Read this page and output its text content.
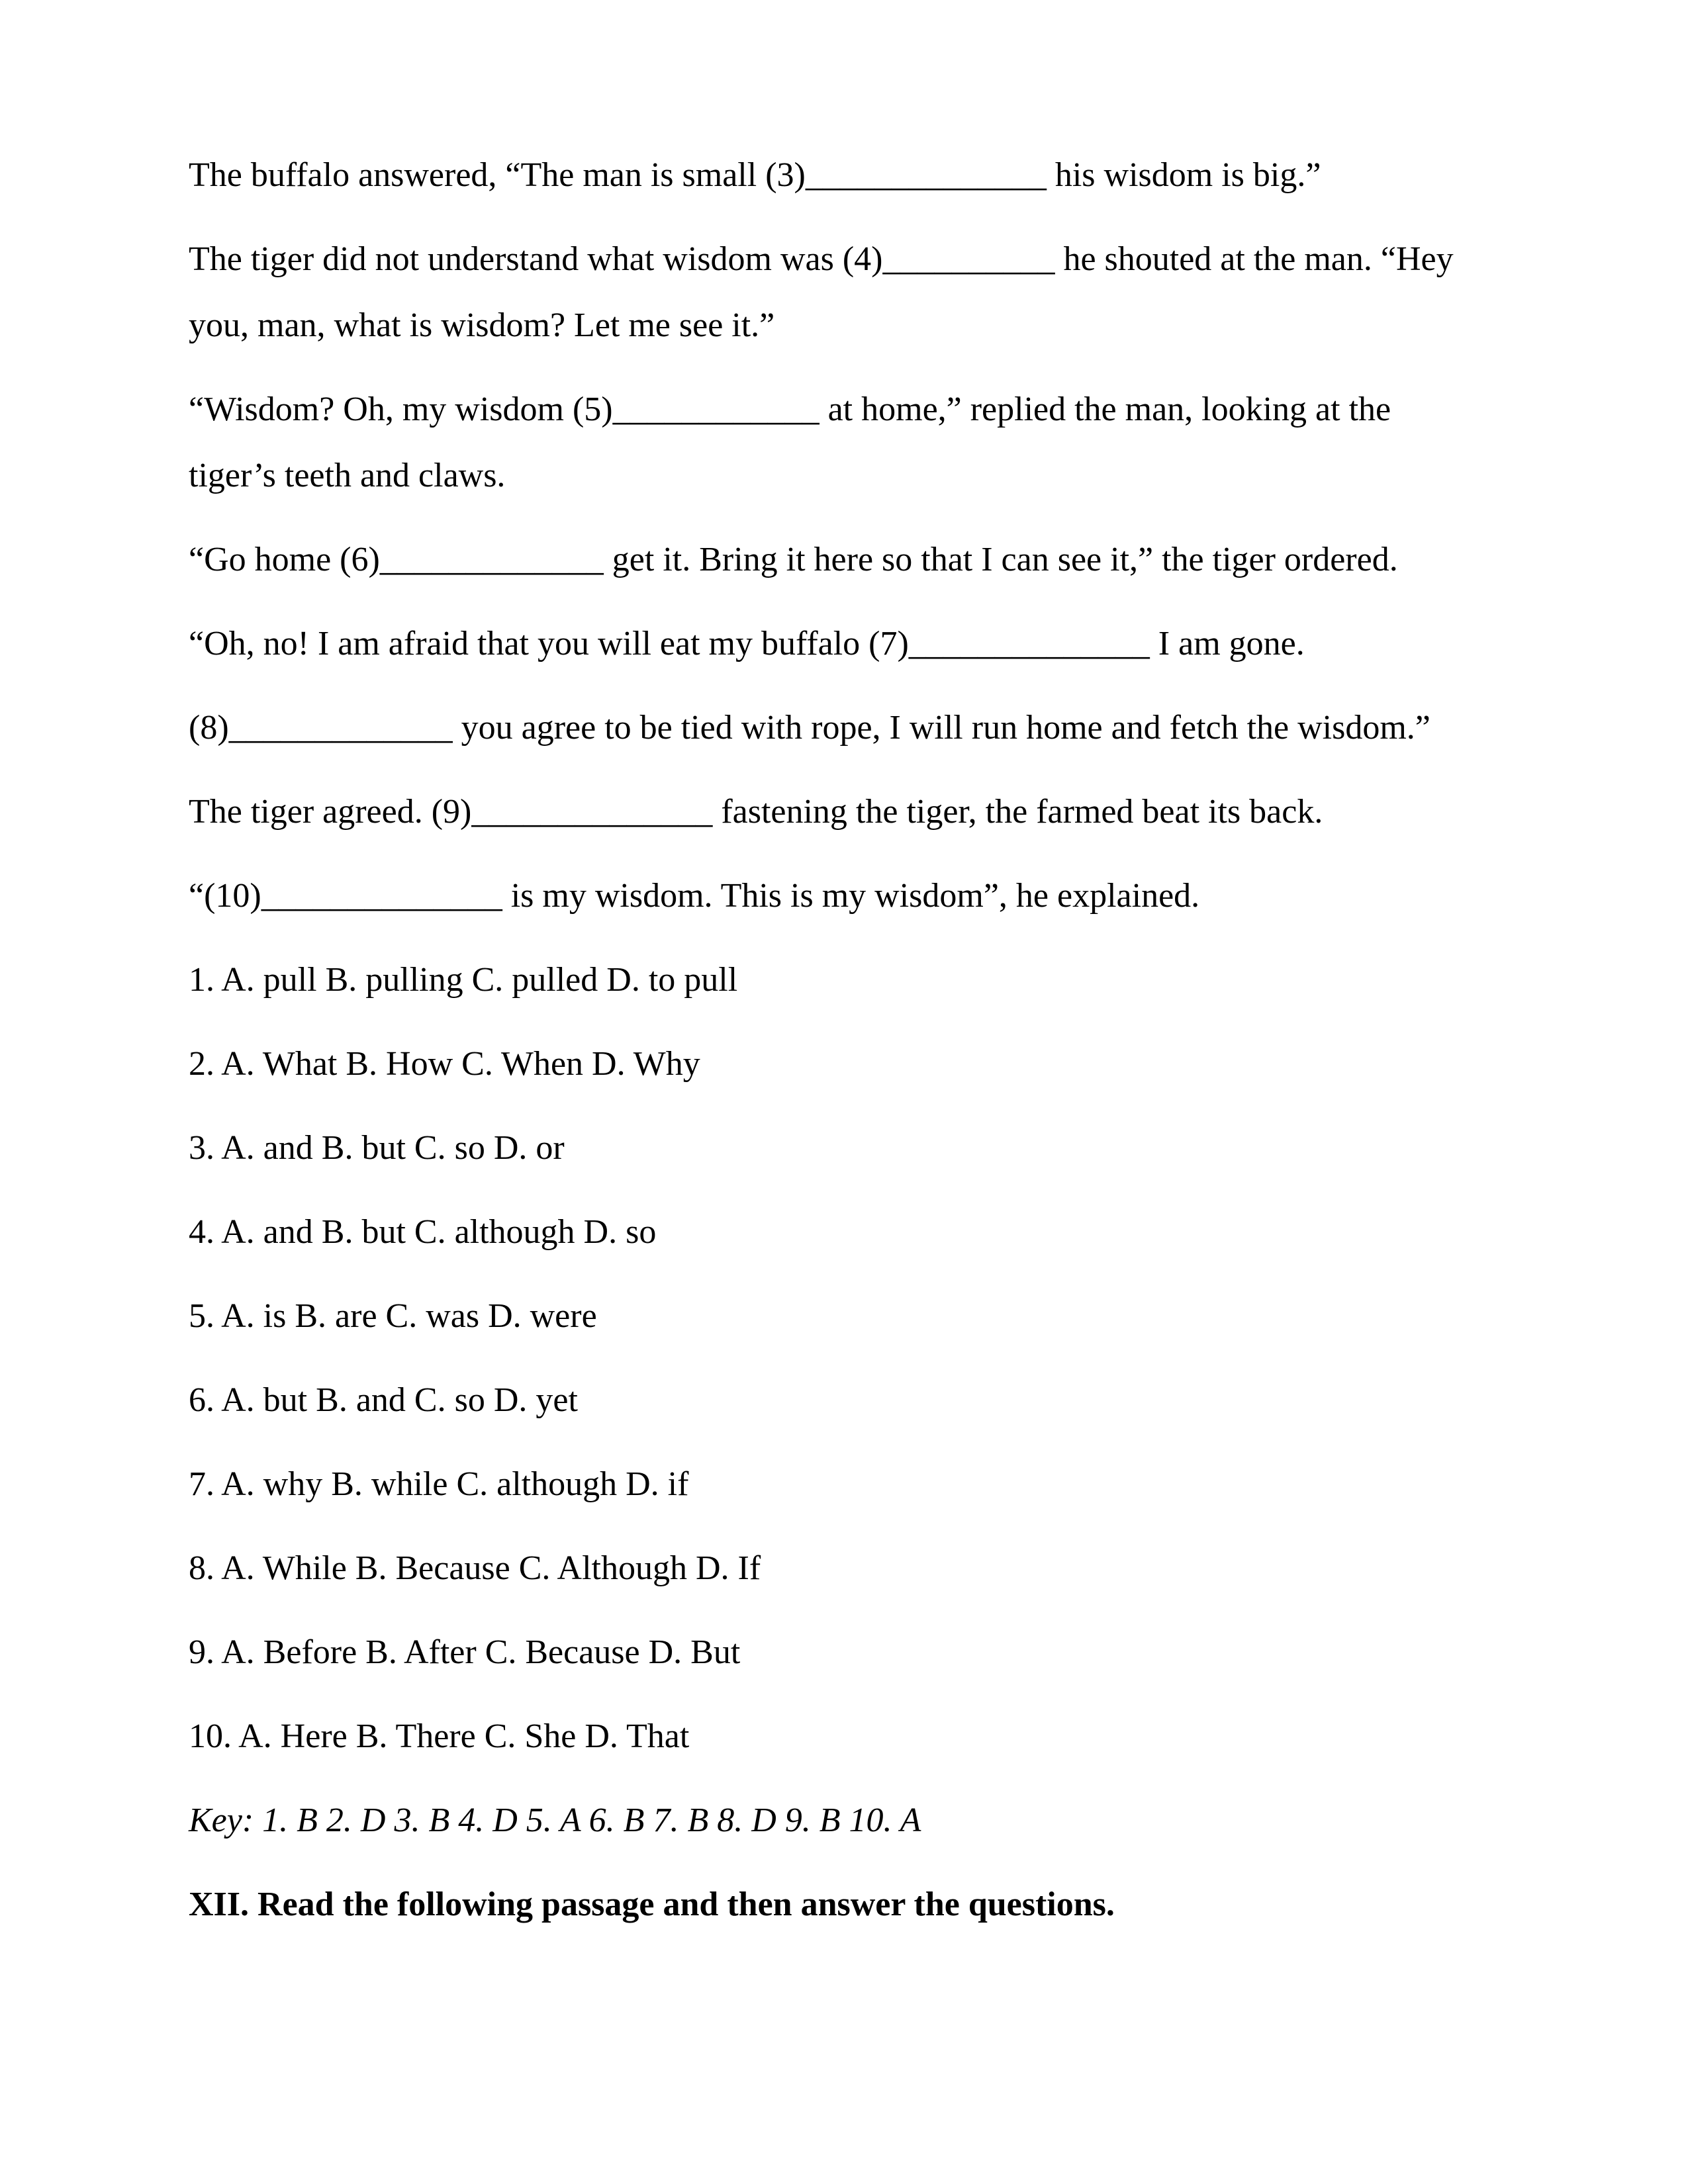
The buffalo answered, “The man is small (3)______________ his wisdom is big.”

The tiger did not understand what wisdom was (4)__________ he shouted at the man. “Hey
you, man, what is wisdom? Let me see it.”

“Wisdom? Oh, my wisdom (5)____________ at home,” replied the man, looking at the
tiger’s teeth and claws.

“Go home (6)_____________ get it. Bring it here so that I can see it,” the tiger ordered.

“Oh, no! I am afraid that you will eat my buffalo (7)______________ I am gone.

(8)_____________ you agree to be tied with rope, I will run home and fetch the wisdom.”

The tiger agreed. (9)______________ fastening the tiger, the farmed beat its back.

“(10)______________ is my wisdom. This is my wisdom”, he explained.

1. A. pull B. pulling C. pulled D. to pull

2. A. What B. How C. When D. Why

3. A. and B. but C. so D. or

4. A. and B. but C. although D. so

5. A. is B. are C. was D. were

6. A. but B. and C. so D. yet

7. A. why B. while C. although D. if

8. A. While B. Because C. Although D. If

9. A. Before B. After C. Because D. But

10. A. Here B. There C. She D. That

Key: 1. B 2. D 3. B 4. D 5. A 6. B 7. B 8. D 9. B 10. A

XII. Read the following passage and then answer the questions.
